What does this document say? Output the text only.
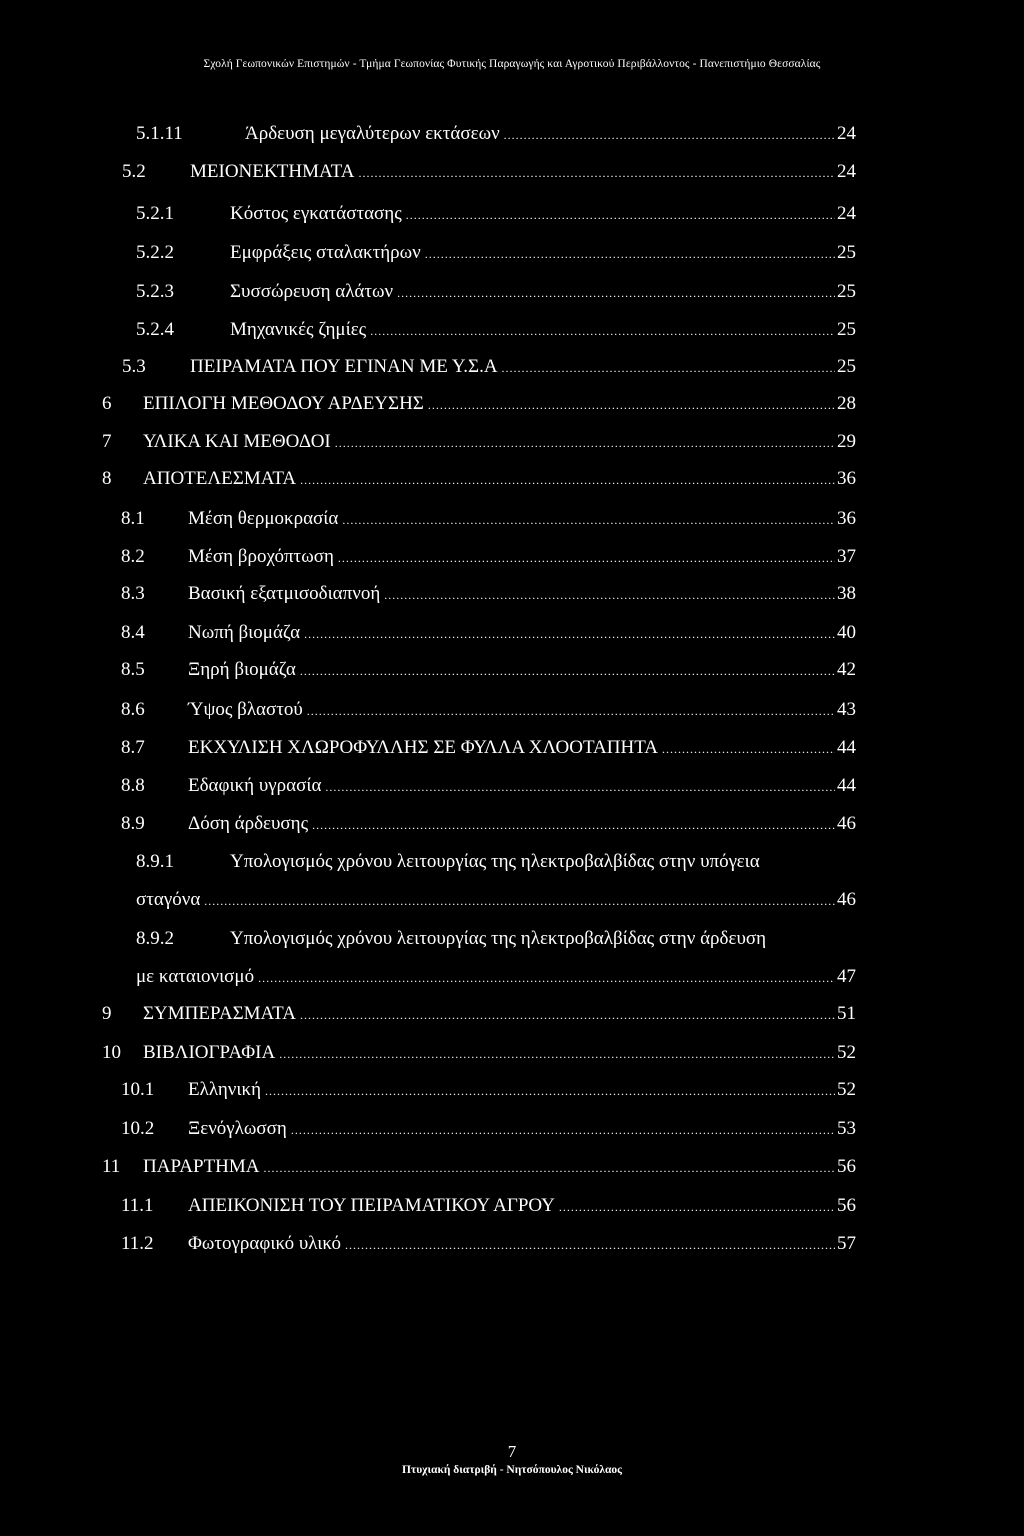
Σχολή Γεωπονικών Επιστημών - Τμήμα Γεωπονίας Φυτικής Παραγωγής και Αγροτικού Περιβάλλοντος - Πανεπιστήμιο Θεσσαλίας
5.1.11	Άρδευση μεγαλύτερων εκτάσεων .....	24
5.2 ΜΕΙΟΝΕΚΤΗΜΑΤΑ .....	24
5.2.1	Κόστος εγκατάστασης .....	24
5.2.2	Εμφράξεις σταλακτήρων .....	25
5.2.3	Συσσώρευση αλάτων .....	25
5.2.4	Μηχανικές ζημίες .....	25
5.3 ΠΕΙΡΑΜΑΤΑ ΠΟΥ ΕΓΙΝΑΝ ΜΕ Υ.Σ.Α .....	25
6 ΕΠΙΛΟΓΗ ΜΕΘΟΔΟΥ ΑΡΔΕΥΣΗΣ .....	28
7 ΥΛΙΚΑ ΚΑΙ ΜΕΘΟΔΟΙ .....	29
8 ΑΠΟΤΕΛΕΣΜΑΤΑ .....	36
8.1 Μέση θερμοκρασία .....	36
8.2 Μέση βροχόπτωση .....	37
8.3 Βασική εξατμισοδιαπνοή .....	38
8.4 Νωπή βιομάζα .....	40
8.5 Ξηρή βιομάζα .....	42
8.6 Ύψος βλαστού .....	43
8.7 ΕΚΧΥΛΙΣΗ ΧΛΩΡΟΦΥΛΛΗΣ ΣΕ ΦΥΛΛΑ ΧΛΟΟΤΑΠΗΤΑ .....	44
8.8 Εδαφική υγρασία .....	44
8.9 Δόση άρδευσης .....	46
8.9.1	Υπολογισμός χρόνου λειτουργίας της ηλεκτροβαλβίδας στην υπόγεια
σταγόνα .....	46
8.9.2	Υπολογισμός χρόνου λειτουργίας της ηλεκτροβαλβίδας στην άρδευση
με καταιονισμό .....	47
9 ΣΥΜΠΕΡΑΣΜΑΤΑ .....	51
10 ΒΙΒΛΙΟΓΡΑΦΙΑ .....	52
10.1 Ελληνική .....	52
10.2 Ξενόγλωσση .....	53
11 ΠΑΡΑΡΤΗΜΑ .....	56
11.1 ΑΠΕΙΚΟΝΙΣΗ ΤΟΥ ΠΕΙΡΑΜΑΤΙΚΟΥ ΑΓΡΟΥ .....	56
11.2 Φωτογραφικό υλικό .....	57
7
Πτυχιακή διατριβή - Νητσόπουλος Νικόλαος
